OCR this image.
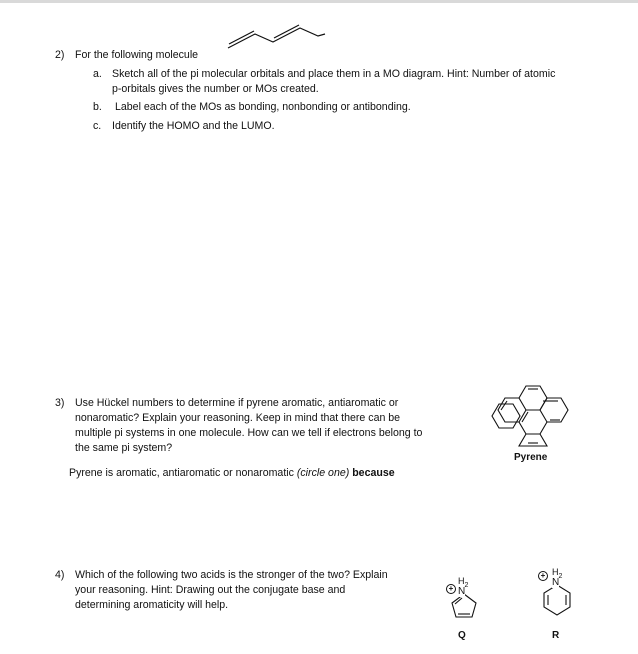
2) For the following molecule
a. Sketch all of the pi molecular orbitals and place them in a MO diagram. Hint: Number of atomic
p-orbitals gives the number or MOs created.
b. Label each of the MOs as bonding, nonbonding or antibonding.
c. Identify the HOMO and the LUMO.
3) Use Hückel numbers to determine if pyrene aromatic, antiaromatic or
nonaromatic? Explain your reasoning. Keep in mind that there can be
multiple pi systems in one molecule. How can we tell if electrons belong to
the same pi system?
Pyrene is aromatic, antiaromatic or nonaromatic (circle one) because
Pyrene
4) Which of the following two acids is the stronger of the two? Explain
your reasoning. Hint: Drawing out the conjugate base and
determining aromaticity will help.
+ N
$H_2$
Q
+
N
$H_2$
R
